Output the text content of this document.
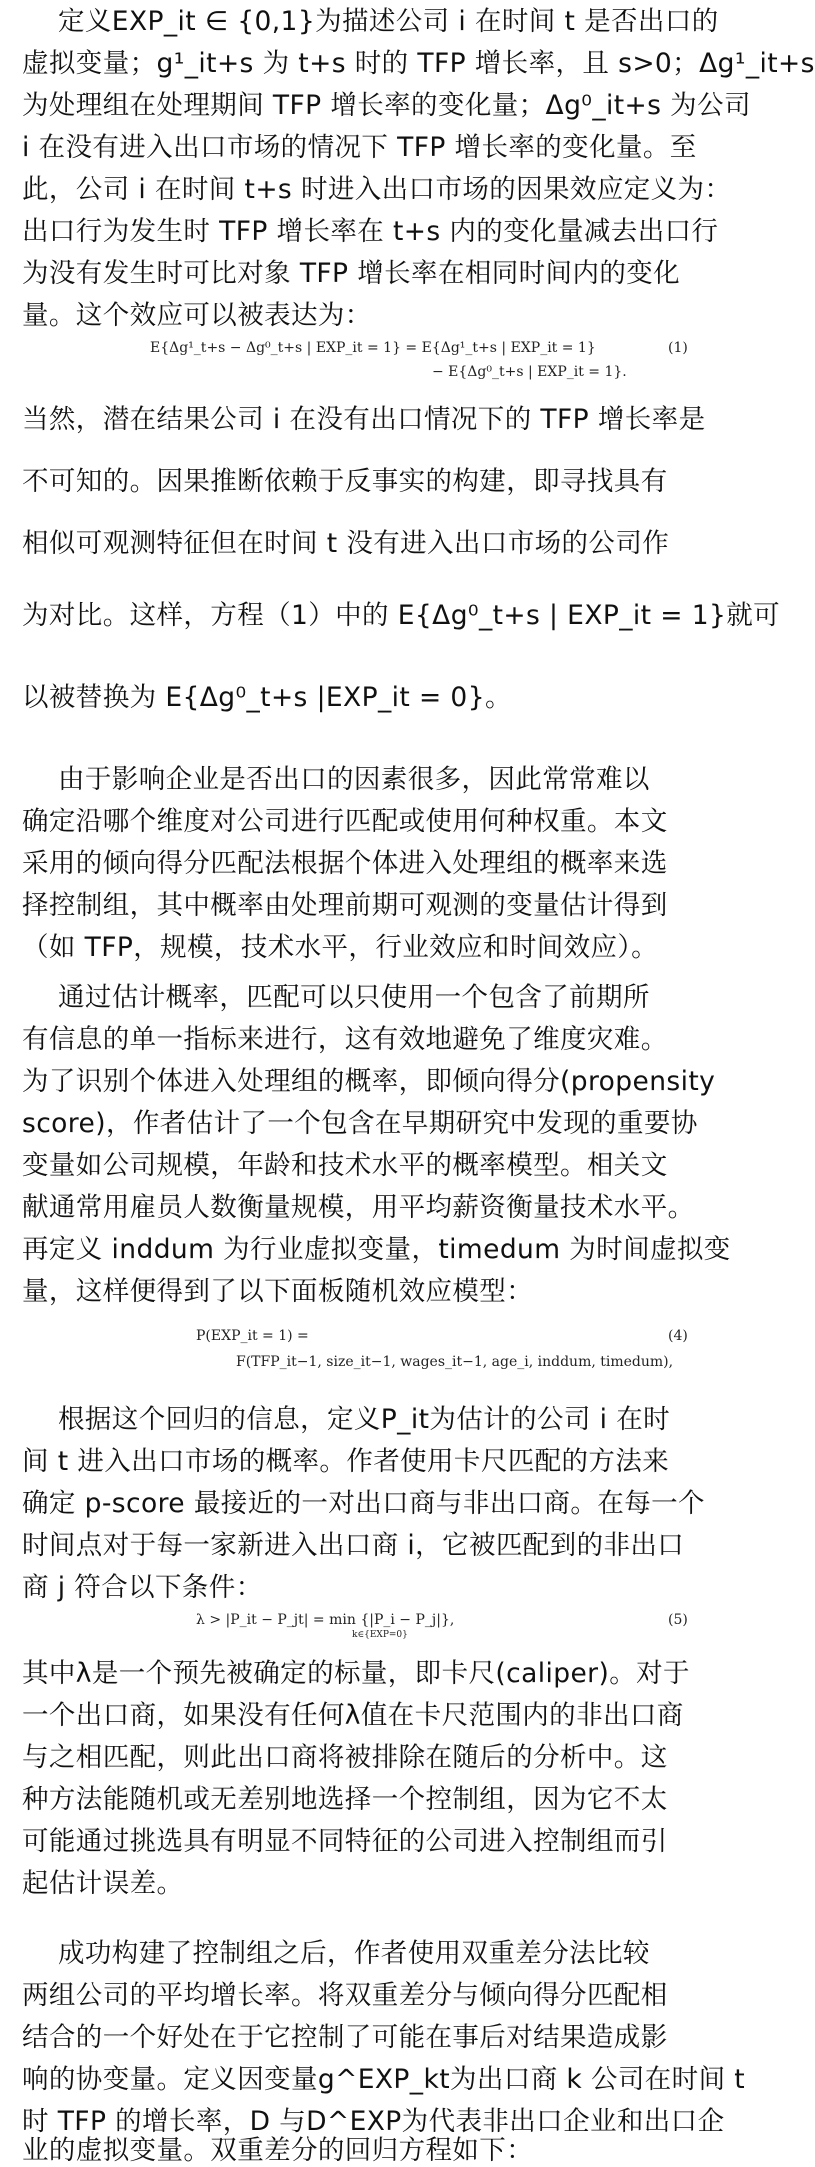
定义EXP_it ∈ {0,1}为描述公司 i 在时间 t 是否出口的
虚拟变量；g¹_it+s 为 t+s 时的 TFP 增长率，且 s>0；Δg¹_it+s
为处理组在处理期间 TFP 增长率的变化量；Δg⁰_it+s 为公司
i 在没有进入出口市场的情况下 TFP 增长率的变化量。至
此，公司 i 在时间 t+s 时进入出口市场的因果效应定义为：
出口行为发生时 TFP 增长率在 t+s 内的变化量减去出口行
为没有发生时可比对象 TFP 增长率在相同时间内的变化
量。这个效应可以被表达为：
E{Δg¹_t+s − Δg⁰_t+s | EXP_it = 1} = E{Δg¹_t+s | EXP_it = 1}
− E{Δg⁰_t+s | EXP_it = 1}.
(1)
当然，潜在结果公司 i 在没有出口情况下的 TFP 增长率是
不可知的。因果推断依赖于反事实的构建，即寻找具有
相似可观测特征但在时间 t 没有进入出口市场的公司作
为对比。这样，方程（1）中的 E{Δg⁰_t+s | EXP_it = 1}就可
以被替换为 E{Δg⁰_t+s |EXP_it = 0}。
由于影响企业是否出口的因素很多，因此常常难以
确定沿哪个维度对公司进行匹配或使用何种权重。本文
采用的倾向得分匹配法根据个体进入处理组的概率来选
择控制组，其中概率由处理前期可观测的变量估计得到
（如 TFP，规模，技术水平，行业效应和时间效应）。
通过估计概率，匹配可以只使用一个包含了前期所
有信息的单一指标来进行，这有效地避免了维度灾难。
为了识别个体进入处理组的概率，即倾向得分(propensity
score)，作者估计了一个包含在早期研究中发现的重要协
变量如公司规模，年龄和技术水平的概率模型。相关文
献通常用雇员人数衡量规模，用平均薪资衡量技术水平。
再定义 inddum 为行业虚拟变量，timedum 为时间虚拟变
量，这样便得到了以下面板随机效应模型：
P(EXP_it = 1) =
F(TFP_it−1, size_it−1, wages_it−1, age_i, inddum, timedum),
(4)
根据这个回归的信息，定义P_it为估计的公司 i 在时
间 t 进入出口市场的概率。作者使用卡尺匹配的方法来
确定 p-score 最接近的一对出口商与非出口商。在每一个
时间点对于每一家新进入出口商 i，它被匹配到的非出口
商 j 符合以下条件：
λ > |P_it − P_jt| = min {|P_i − P_j|},
k∈{EXP=0}
(5)
其中λ是一个预先被确定的标量，即卡尺(caliper)。对于
一个出口商，如果没有任何λ值在卡尺范围内的非出口商
与之相匹配，则此出口商将被排除在随后的分析中。这
种方法能随机或无差别地选择一个控制组，因为它不太
可能通过挑选具有明显不同特征的公司进入控制组而引
起估计误差。
成功构建了控制组之后，作者使用双重差分法比较
两组公司的平均增长率。将双重差分与倾向得分匹配相
结合的一个好处在于它控制了可能在事后对结果造成影
响的协变量。定义因变量g^EXP_kt为出口商 k 公司在时间 t
时 TFP 的增长率，D 与D^EXP为代表非出口企业和出口企
业的虚拟变量。双重差分的回归方程如下：
